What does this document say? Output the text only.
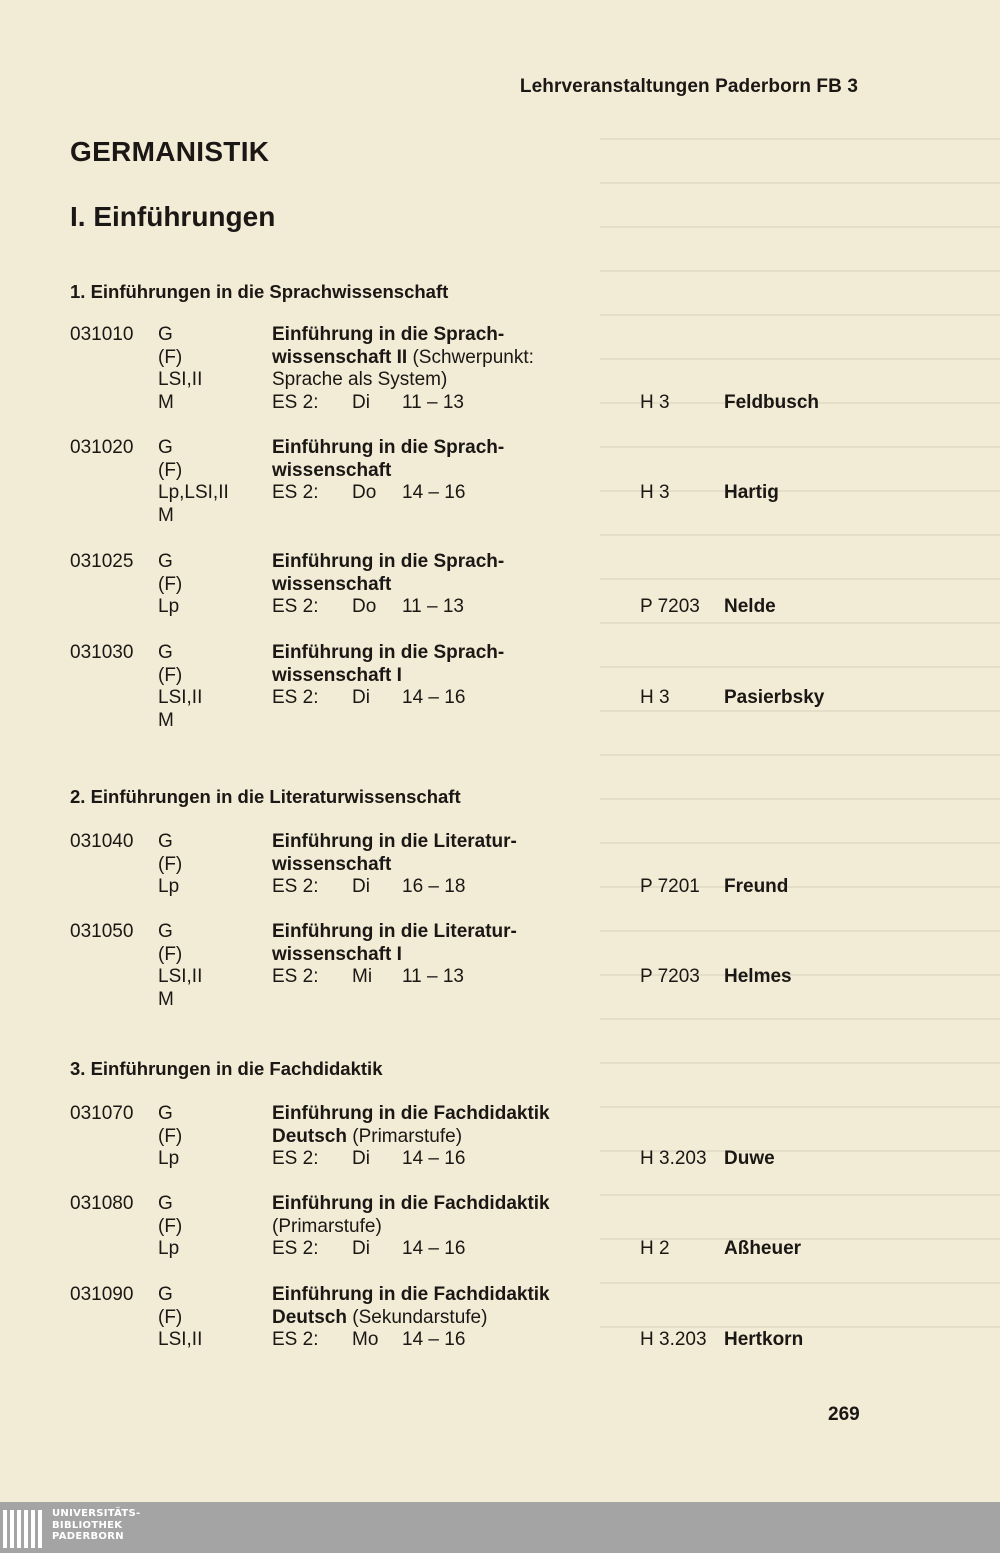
Lehrveranstaltungen Paderborn FB 3
GERMANISTIK
I. Einführungen
1. Einführungen in die Sprachwissenschaft
031010 G	Einführung in die Sprach-
(F)	wissenschaft II (Schwerpunkt:
LSI,II	Sprache als System)
M	ES 2: Di 11 – 13	H 3	Feldbusch
031020 G	Einführung in die Sprach-
(F)	wissenschaft
Lp,LSI,II ES 2: Do 14 – 16	H 3	Hartig
M
031025 G	Einführung in die Sprach-
(F)	wissenschaft
Lp	ES 2: Do 11 – 13	P 7203 Nelde
031030 G	Einführung in die Sprach-
(F)	wissenschaft I
LSI,II	ES 2: Di 14 – 16	H 3	Pasierbsky
M
2. Einführungen in die Literaturwissenschaft
031040 G	Einführung in die Literatur-
(F)	wissenschaft
Lp	ES 2: Di 16 – 18	P 7201 Freund
031050 G	Einführung in die Literatur-
(F)	wissenschaft I
LSI,II	ES 2: Mi 11 – 13	P 7203 Helmes
M
3. Einführungen in die Fachdidaktik
031070 G	Einführung in die Fachdidaktik
(F)	Deutsch (Primarstufe)
Lp	ES 2: Di 14 – 16	H 3.203 Duwe
031080 G	Einführung in die Fachdidaktik
(F)	(Primarstufe)
Lp	ES 2: Di 14 – 16	H 2	Aßheuer
031090 G	Einführung in die Fachdidaktik
(F)	Deutsch (Sekundarstufe)
LSI,II	ES 2: Mo 14 – 16	H 3.203 Hertkorn
269
UNIVERSITÄTS-
BIBLIOTHEK
PADERBORN
